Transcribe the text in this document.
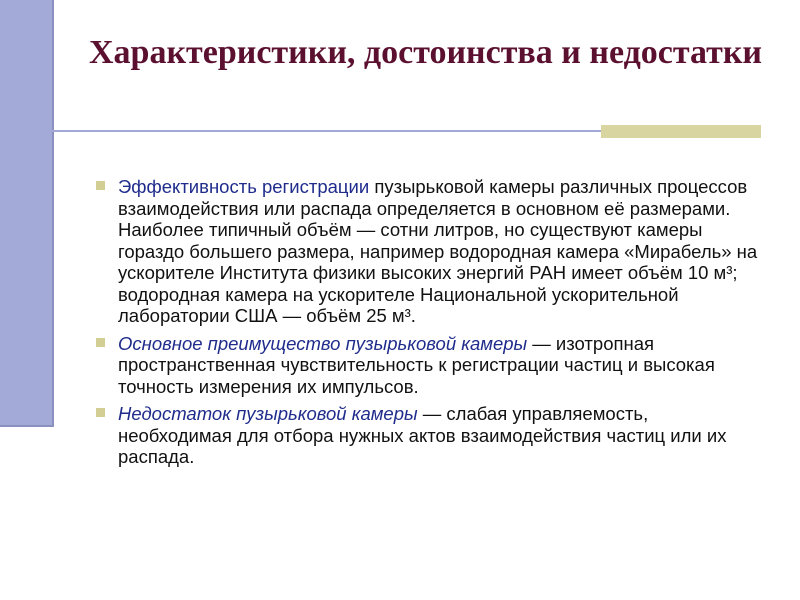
Характеристики, достоинства и недостатки
Эффективность регистрации пузырьковой камеры различных процессов взаимодействия или распада определяется в основном её размерами. Наиболее типичный объём — сотни литров, но существуют камеры гораздо большего размера, например водородная камера «Мирабель» на ускорителе Института физики высоких энергий РАН имеет объём 10 м³; водородная камера на ускорителе Национальной ускорительной лаборатории США — объём 25 м³.
Основное преимущество пузырьковой камеры — изотропная пространственная чувствительность к регистрации частиц и высокая точность измерения их импульсов.
Недостаток пузырьковой камеры — слабая управляемость, необходимая для отбора нужных актов взаимодействия частиц или их распада.
